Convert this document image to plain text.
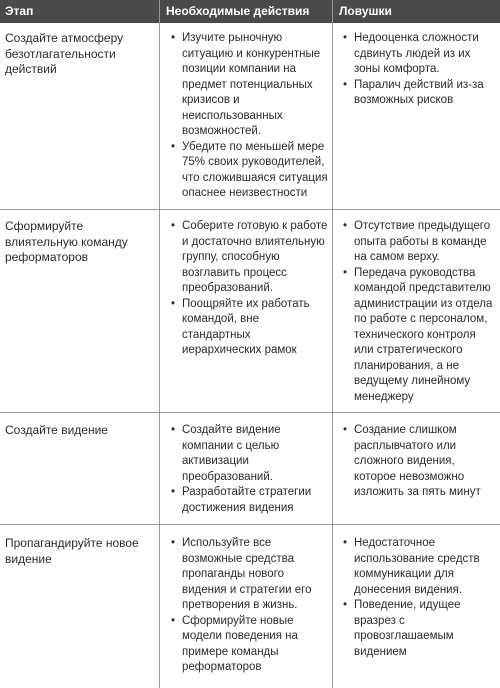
Этап	Необходимые действия Ловушки
Создайте атмосферу безотлагательности действий
• Изучите рыночную ситуацию и конкурентные позиции компании на предмет потенциальных кризисов и неиспользованных возможностей.
• Убедите по меньшей мере 75% своих руководителей, что сложившаяся ситуация опаснее неизвестности
• Недооценка сложности сдвинуть людей из их зоны комфорта.
• Паралич действий из-за возможных рисков
Сформируйте влиятельную команду реформаторов
• Соберите готовую к работе и достаточно влиятельную группу, способную возглавить процесс преобразований.
• Поощряйте их работать командой, вне стандартных иерархических рамок
• Отсутствие предыдущего опыта работы в команде на самом верху.
• Передача руководства командой представителю администрации из отдела по работе с персоналом, технического контроля или стратегического планирования, а не ведущему линейному менеджеру
Создайте видение
•	Создайте видение компании с целью активизации преобразований.
• Разработайте стратегии достижения видения
• Создание слишком расплывчатого или сложного видения, которое невозможно изложить за пять минут
Пропагандируйте новое видение
• Используйте все возможные средства пропаганды нового видения и стратегии его претворения в жизнь.
• Сформируйте новые модели поведения на примере команды реформаторов
• Недостаточное использование средств коммуникации для донесения видения.
• Поведение, идущее вразрез с провозглашаемым видением
